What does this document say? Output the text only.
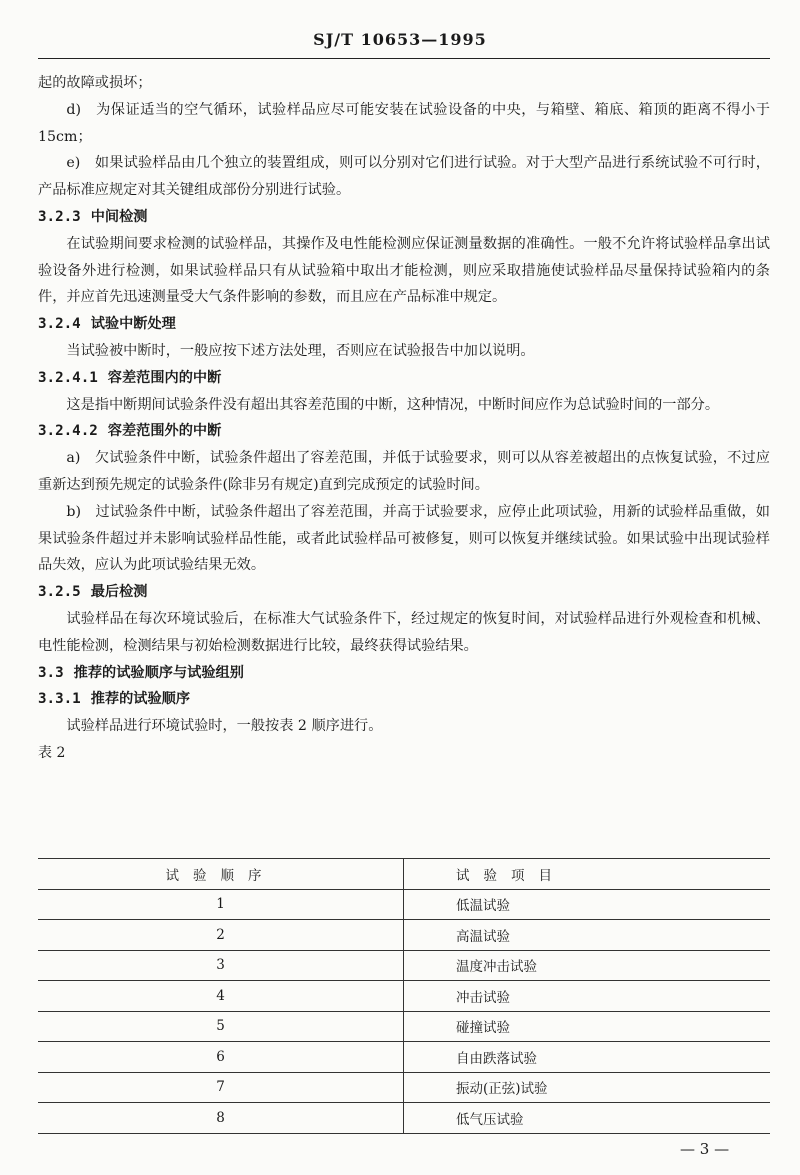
SJ/T 10653—1995

起的故障或损坏；

d)　为保证适当的空气循环，试验样品应尽可能安装在试验设备的中央，与箱壁、箱底、箱顶的距离不得小于 15cm；

e)　如果试验样品由几个独立的装置组成，则可以分别对它们进行试验。对于大型产品进行系统试验不可行时，产品标准应规定对其关键组成部份分别进行试验。

3.2.3 中间检测

在试验期间要求检测的试验样品，其操作及电性能检测应保证测量数据的准确性。一般不允许将试验样品拿出试验设备外进行检测，如果试验样品只有从试验箱中取出才能检测，则应采取措施使试验样品尽量保持试验箱内的条件，并应首先迅速测量受大气条件影响的参数，而且应在产品标准中规定。

3.2.4 试验中断处理

当试验被中断时，一般应按下述方法处理，否则应在试验报告中加以说明。

3.2.4.1 容差范围内的中断

这是指中断期间试验条件没有超出其容差范围的中断，这种情况，中断时间应作为总试验时间的一部分。

3.2.4.2 容差范围外的中断

a)　欠试验条件中断，试验条件超出了容差范围，并低于试验要求，则可以从容差被超出的点恢复试验，不过应重新达到预先规定的试验条件(除非另有规定)直到完成预定的试验时间。

b)　过试验条件中断，试验条件超出了容差范围，并高于试验要求，应停止此项试验，用新的试验样品重做，如果试验条件超过并未影响试验样品性能，或者此试验样品可被修复，则可以恢复并继续试验。如果试验中出现试验样品失效，应认为此项试验结果无效。

3.2.5 最后检测

试验样品在每次环境试验后，在标准大气试验条件下，经过规定的恢复时间，对试验样品进行外观检查和机械、电性能检测，检测结果与初始检测数据进行比较，最终获得试验结果。

3.3 推荐的试验顺序与试验组别

3.3.1 推荐的试验顺序

试验样品进行环境试验时，一般按表 2 顺序进行。

表 2

试验顺序	试验项目
1	低温试验
2	高温试验
3	温度冲击试验
4	冲击试验
5	碰撞试验
6	自由跌落试验
7	振动(正弦)试验
8	低气压试验
— 3 —
